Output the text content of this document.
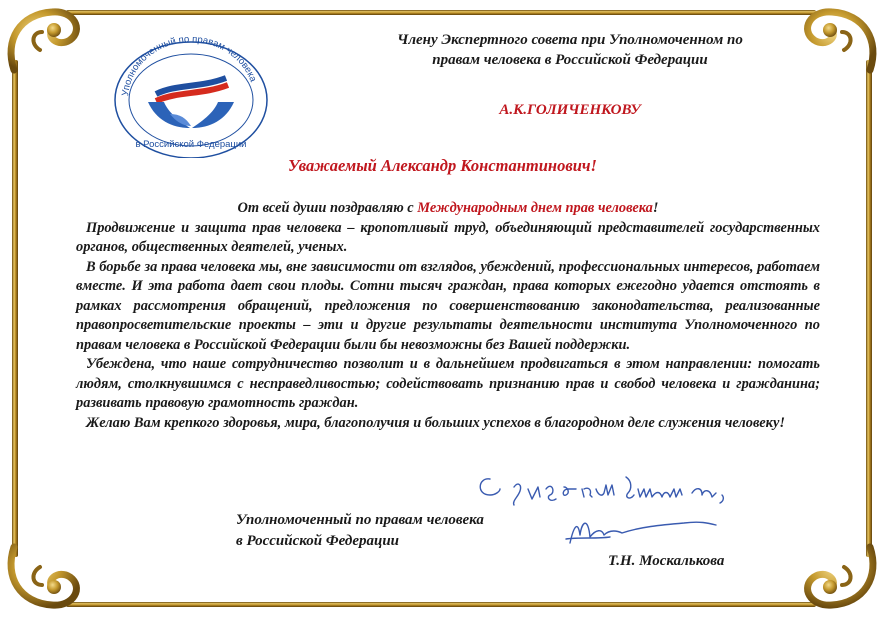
Уполномоченный по правам человека
в Российской Федерации
Члену Экспертного совета при Уполномоченном по
правам человека в Российской Федерации
А.К.ГОЛИЧЕНКОВУ
Уважаемый Александр Константинович!

От всей души поздравляю с Международным днем прав человека!

Продвижение и защита прав человека – кропотливый труд, объединяющий представителей государственных органов, общественных деятелей, ученых.

В борьбе за права человека мы, вне зависимости от взглядов, убеждений, профессиональных интересов, работаем вместе. И эта работа дает свои плоды. Сотни тысяч граждан, права которых ежегодно удается отстоять в рамках рассмотрения обращений, предложения по совершенствованию законодательства, реализованные правопросветительские проекты – эти и другие результаты деятельности института Уполномоченного по правам человека в Российской Федерации были бы невозможны без Вашей поддержки.

Убеждена, что наше сотрудничество позволит и в дальнейшем продвигаться в этом направлении: помогать людям, столкнувшимся с несправедливостью; содействовать признанию прав и свобод человека и гражданина; развивать правовую грамотность граждан.

Желаю Вам крепкого здоровья, мира, благополучия и больших успехов в благородном деле служения человеку!

Уполномоченный по правам человека
в Российской Федерации
Т.Н. Москалькова
